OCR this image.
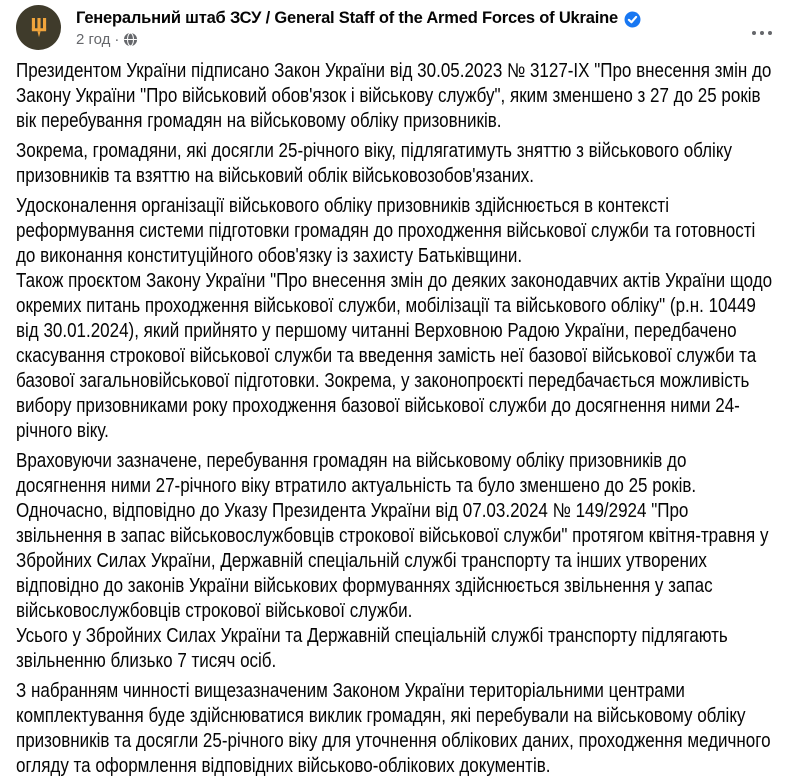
Генеральний штаб ЗСУ / General Staff of the Armed Forces of Ukraine
2 год ·

Президентом України підписано Закон України від 30.05.2023 № 3127-IX "Про внесення змін до Закону України "Про військовий обов'язок і військову службу", яким зменшено з 27 до 25 років вік перебування громадян на військовому обліку призовників.

Зокрема, громадяни, які досягли 25-річного віку, підлягатимуть зняттю з військового обліку призовників та взяттю на військовий облік військовозобов'язаних.

Удосконалення організації військового обліку призовників здійснюється в контексті реформування системи підготовки громадян до проходження військової служби та готовності до виконання конституційного обов'язку із захисту Батьківщини.

Також проєктом Закону України "Про внесення змін до деяких законодавчих актів України щодо окремих питань проходження військової служби, мобілізації та військового обліку" (р.н. 10449 від 30.01.2024), який прийнято у першому читанні Верховною Радою України, передбачено скасування строкової військової служби та введення замість неї базової військової служби та базової загальновійськової підготовки. Зокрема, у законопроєкті передбачається можливість вибору призовниками року проходження базової військової служби до досягнення ними 24-річного віку.

Враховуючи зазначене, перебування громадян на військовому обліку призовників до досягнення ними 27-річного віку втратило актуальність та було зменшено до 25 років.

Одночасно, відповідно до Указу Президента України від 07.03.2024 № 149/2924 "Про звільнення в запас військовослужбовців строкової військової служби" протягом квітня-травня у Збройних Силах України, Державній спеціальній службі транспорту та інших утворених відповідно до законів України військових формуваннях здійснюється звільнення у запас військовослужбовців строкової військової служби.

Усього у Збройних Силах України та Державній спеціальній службі транспорту підлягають звільненню близько 7 тисяч осіб.

З набранням чинності вищезазначеним Законом України територіальними центрами комплектування буде здійснюватися виклик громадян, які перебували на військовому обліку призовників та досягли 25-річного віку для уточнення облікових даних, проходження медичного огляду та оформлення відповідних військово-облікових документів.
